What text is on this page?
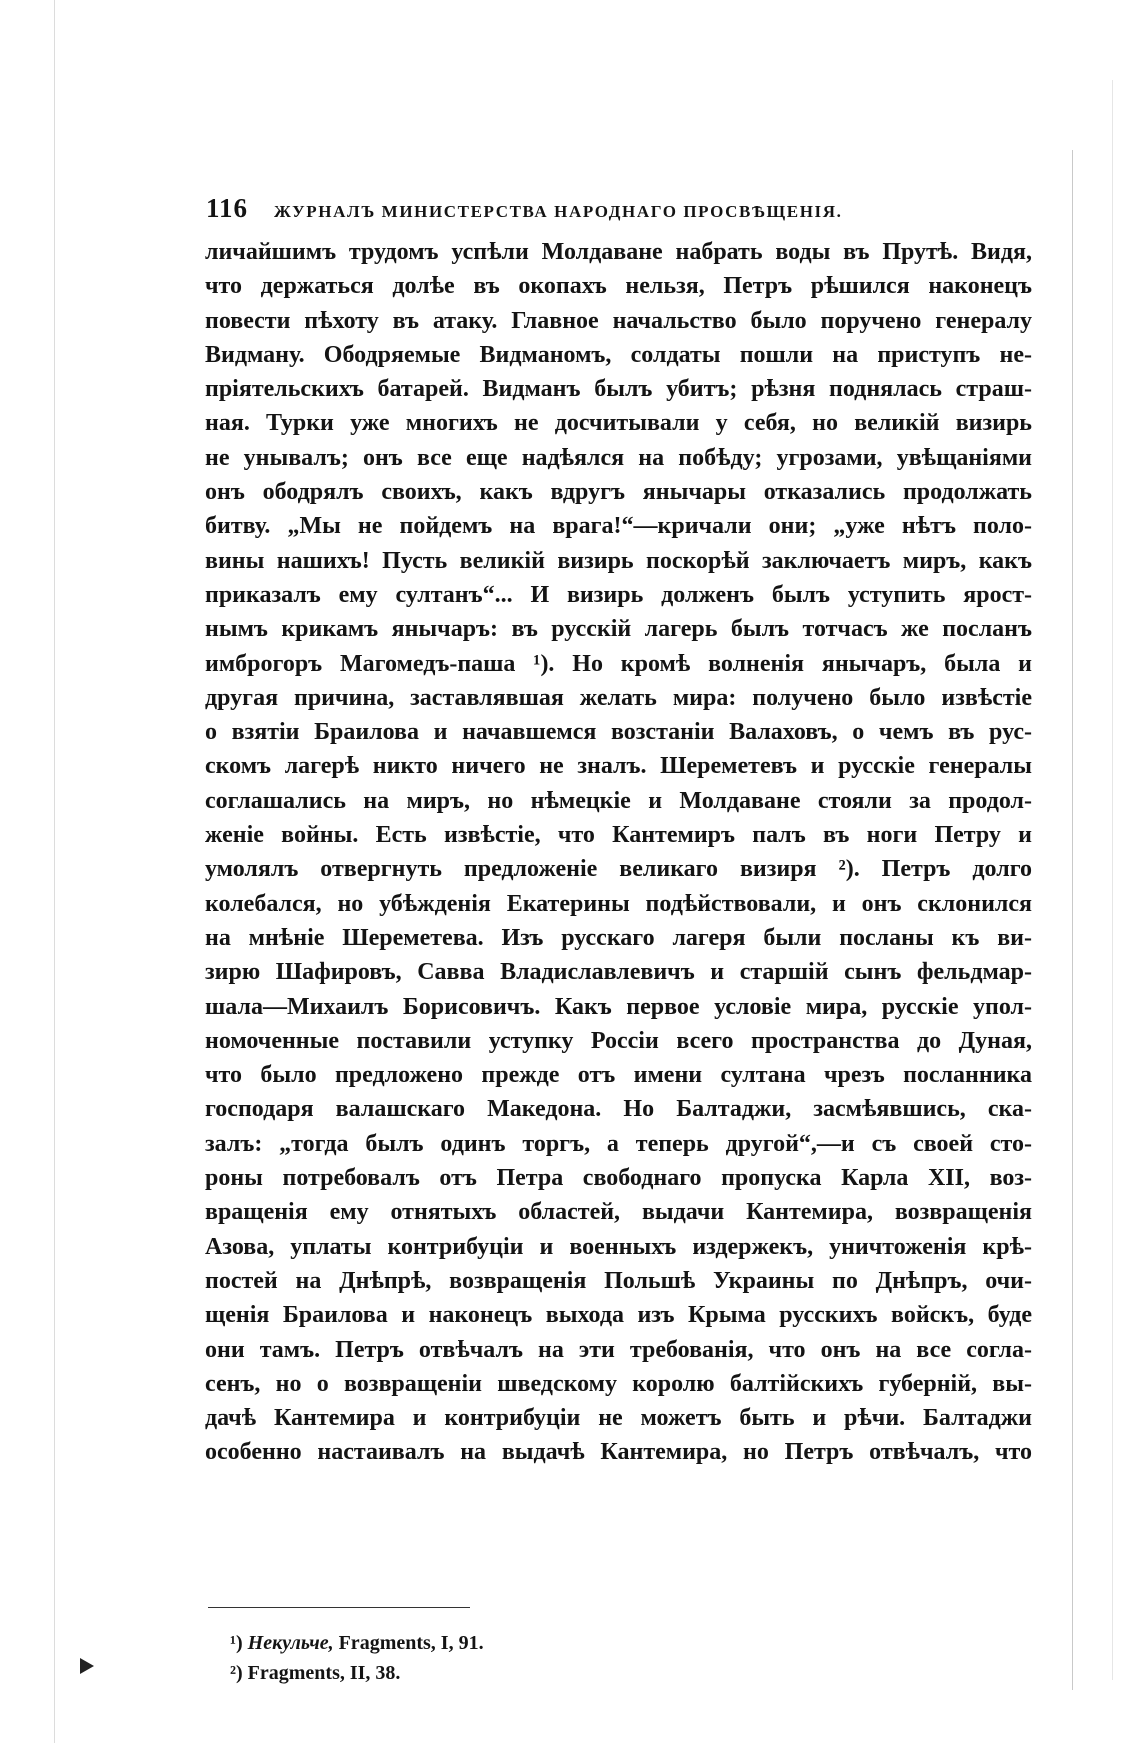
116 ЖУРНАЛЪ МИНИСТЕРСТВА НАРОДНАГО ПРОСВѢЩЕНІЯ.
личайшимъ трудомъ успѣли Молдаване набрать воды въ Прутѣ. Видя,
что держаться долѣе въ окопахъ нельзя, Петръ рѣшился наконецъ
повести пѣхоту въ атаку. Главное начальство было поручено генералу
Видману. Ободряемые Видманомъ, солдаты пошли на приступъ не-
пріятельскихъ батарей. Видманъ былъ убитъ; рѣзня поднялась страш-
ная. Турки уже многихъ не досчитывали у себя, но великій визирь
не унывалъ; онъ все еще надѣялся на побѣду; угрозами, увѣщаніями
онъ ободрялъ своихъ, какъ вдругъ янычары отказались продолжать
битву. „Мы не пойдемъ на врага!“—кричали они; „уже нѣтъ поло-
вины нашихъ! Пусть великій визирь поскорѣй заключаетъ миръ, какъ
приказалъ ему султанъ“... И визирь долженъ былъ уступить ярост-
нымъ крикамъ янычаръ: въ русскій лагерь былъ тотчасъ же посланъ
имброгоръ Магомедъ-паша ¹). Но кромѣ волненія янычаръ, была и
другая причина, заставлявшая желать мира: получено было извѣстіе
о взятіи Браилова и начавшемся возстаніи Валаховъ, о чемъ въ рус-
скомъ лагерѣ никто ничего не зналъ. Шереметевъ и русскіе генералы
соглашались на миръ, но нѣмецкіе и Молдаване стояли за продол-
женіе войны. Есть извѣстіе, что Кантемиръ палъ въ ноги Петру и
умолялъ отвергнуть предложеніе великаго визиря ²). Петръ долго
колебался, но убѣжденія Екатерины подѣйствовали, и онъ склонился
на мнѣніе Шереметева. Изъ русскаго лагеря были посланы къ ви-
зирю Шафировъ, Савва Владиславлевичъ и старшій сынъ фельдмар-
шала—Михаилъ Борисовичъ. Какъ первое условіе мира, русскіе упол-
номоченные поставили уступку Россіи всего пространства до Дуная,
что было предложено прежде отъ имени султана чрезъ посланника
господаря валашскаго Македона. Но Балтаджи, засмѣявшись, ска-
залъ: „тогда былъ одинъ торгъ, а теперь другой“,—и съ своей сто-
роны потребовалъ отъ Петра свободнаго пропуска Карла XII, воз-
вращенія ему отнятыхъ областей, выдачи Кантемира, возвращенія
Азова, уплаты контрибуціи и военныхъ издержекъ, уничтоженія крѣ-
постей на Днѣпрѣ, возвращенія Польшѣ Украины по Днѣпръ, очи-
щенія Браилова и наконецъ выхода изъ Крыма русскихъ войскъ, буде
они тамъ. Петръ отвѣчалъ на эти требованія, что онъ на все согла-
сенъ, но о возвращеніи шведскому королю балтійскихъ губерній, вы-
дачѣ Кантемира и контрибуціи не можетъ быть и рѣчи. Балтаджи
особенно настаивалъ на выдачѣ Кантемира, но Петръ отвѣчалъ, что
¹) Некульче, Fragments, I, 91.
²) Fragments, II, 38.
